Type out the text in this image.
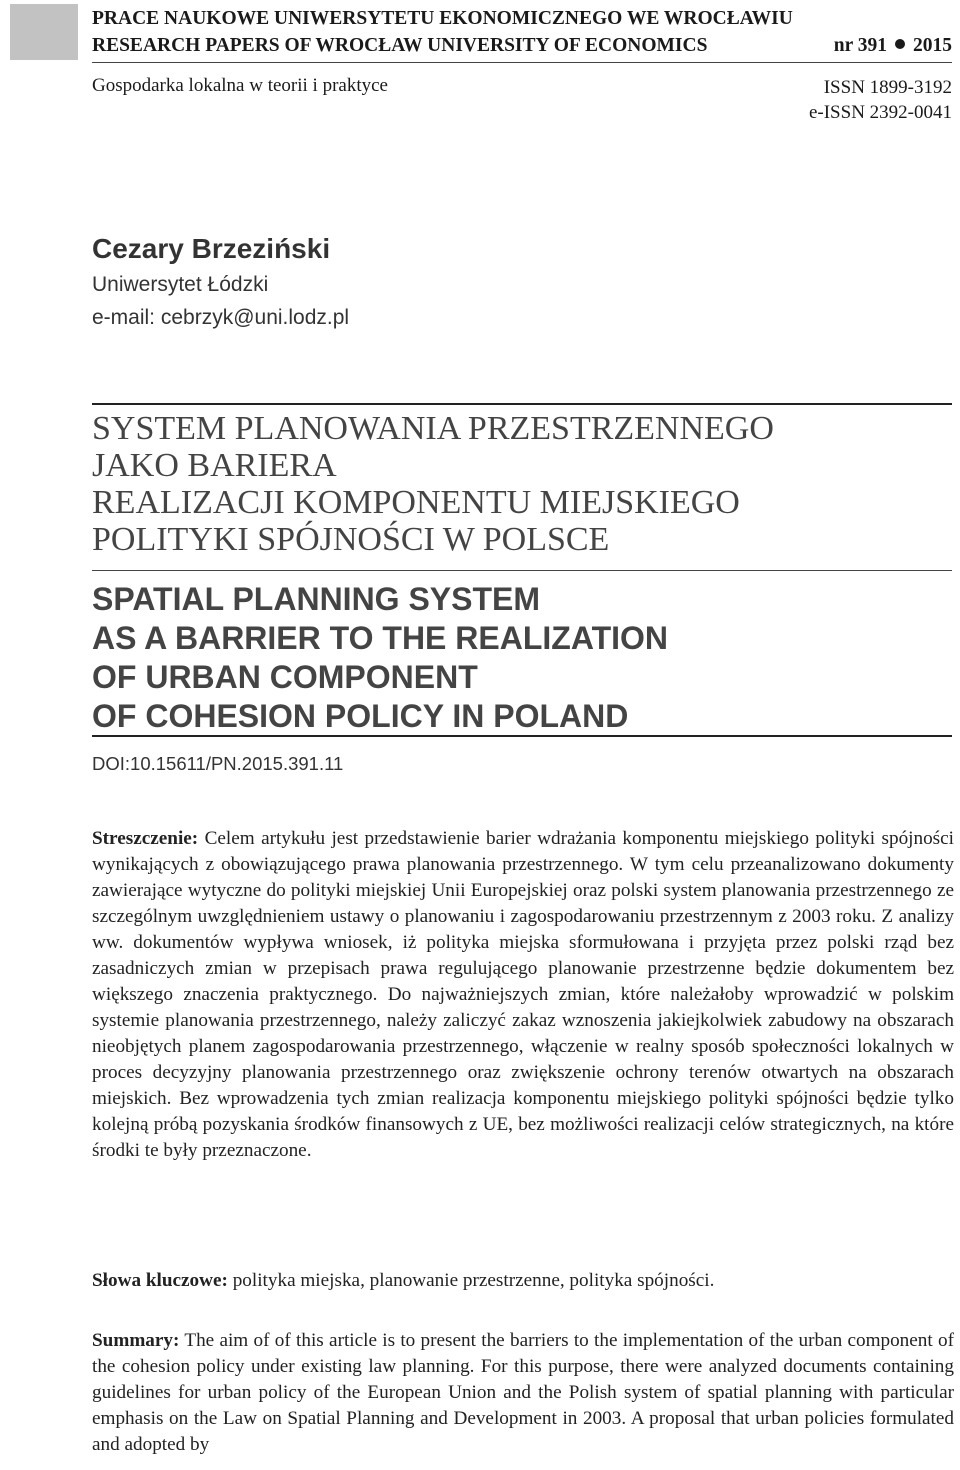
PRACE NAUKOWE UNIWERSYTETU EKONOMICZNEGO WE WROCŁAWIU
RESEARCH PAPERS OF WROCŁAW UNIVERSITY OF ECONOMICS	nr 391 2015
Gospodarka lokalna w teorii i praktyce	ISSN 1899-3192
e-ISSN 2392-0041
Cezary Brzeziński
Uniwersytet Łódzki
e-mail: cebrzyk@uni.lodz.pl
SYSTEM PLANOWANIA PRZESTRZENNEGO
JAKO BARIERA
REALIZACJI KOMPONENTU MIEJSKIEGO
POLITYKI SPÓJNOŚCI W POLSCE
SPATIAL PLANNING SYSTEM
AS A BARRIER TO THE REALIZATION
OF URBAN COMPONENT
OF COHESION POLICY IN POLAND
DOI:10.15611/PN.2015.391.11

Streszczenie: Celem artykułu jest przedstawienie barier wdrażania komponentu miejskiego polityki spójności wynikających z obowiązującego prawa planowania przestrzennego. W tym celu przeanalizowano dokumenty zawierające wytyczne do polityki miejskiej Unii Europejskiej oraz polski system planowania przestrzennego ze szczególnym uwzględnieniem ustawy o planowaniu i zagospodarowaniu przestrzennym z 2003 roku. Z analizy ww. dokumentów wypływa wniosek, iż polityka miejska sformułowana i przyjęta przez polski rząd bez zasadniczych zmian w przepisach prawa regulującego planowanie przestrzenne będzie dokumentem bez większego znaczenia praktycznego. Do najważniejszych zmian, które należałoby wprowadzić w polskim systemie planowania przestrzennego, należy zaliczyć zakaz wznoszenia jakiejkolwiek zabudowy na obszarach nieobjętych planem zagospodarowania przestrzennego, włączenie w realny sposób społeczności lokalnych w proces decyzyjny planowania przestrzennego oraz zwiększenie ochrony terenów otwartych na obszarach miejskich. Bez wprowadzenia tych zmian realizacja komponentu miejskiego polityki spójności będzie tylko kolejną próbą pozyskania środków finansowych z UE, bez możliwości realizacji celów strategicznych, na które środki te były przeznaczone.

Słowa kluczowe: polityka miejska, planowanie przestrzenne, polityka spójności.

Summary: The aim of of this article is to present the barriers to the implementation of the urban component of the cohesion policy under existing law planning. For this purpose, there were analyzed documents containing guidelines for urban policy of the European Union and the Polish system of spatial planning with particular emphasis on the Law on Spatial Planning and Development in 2003. A proposal that urban policies formulated and adopted by
